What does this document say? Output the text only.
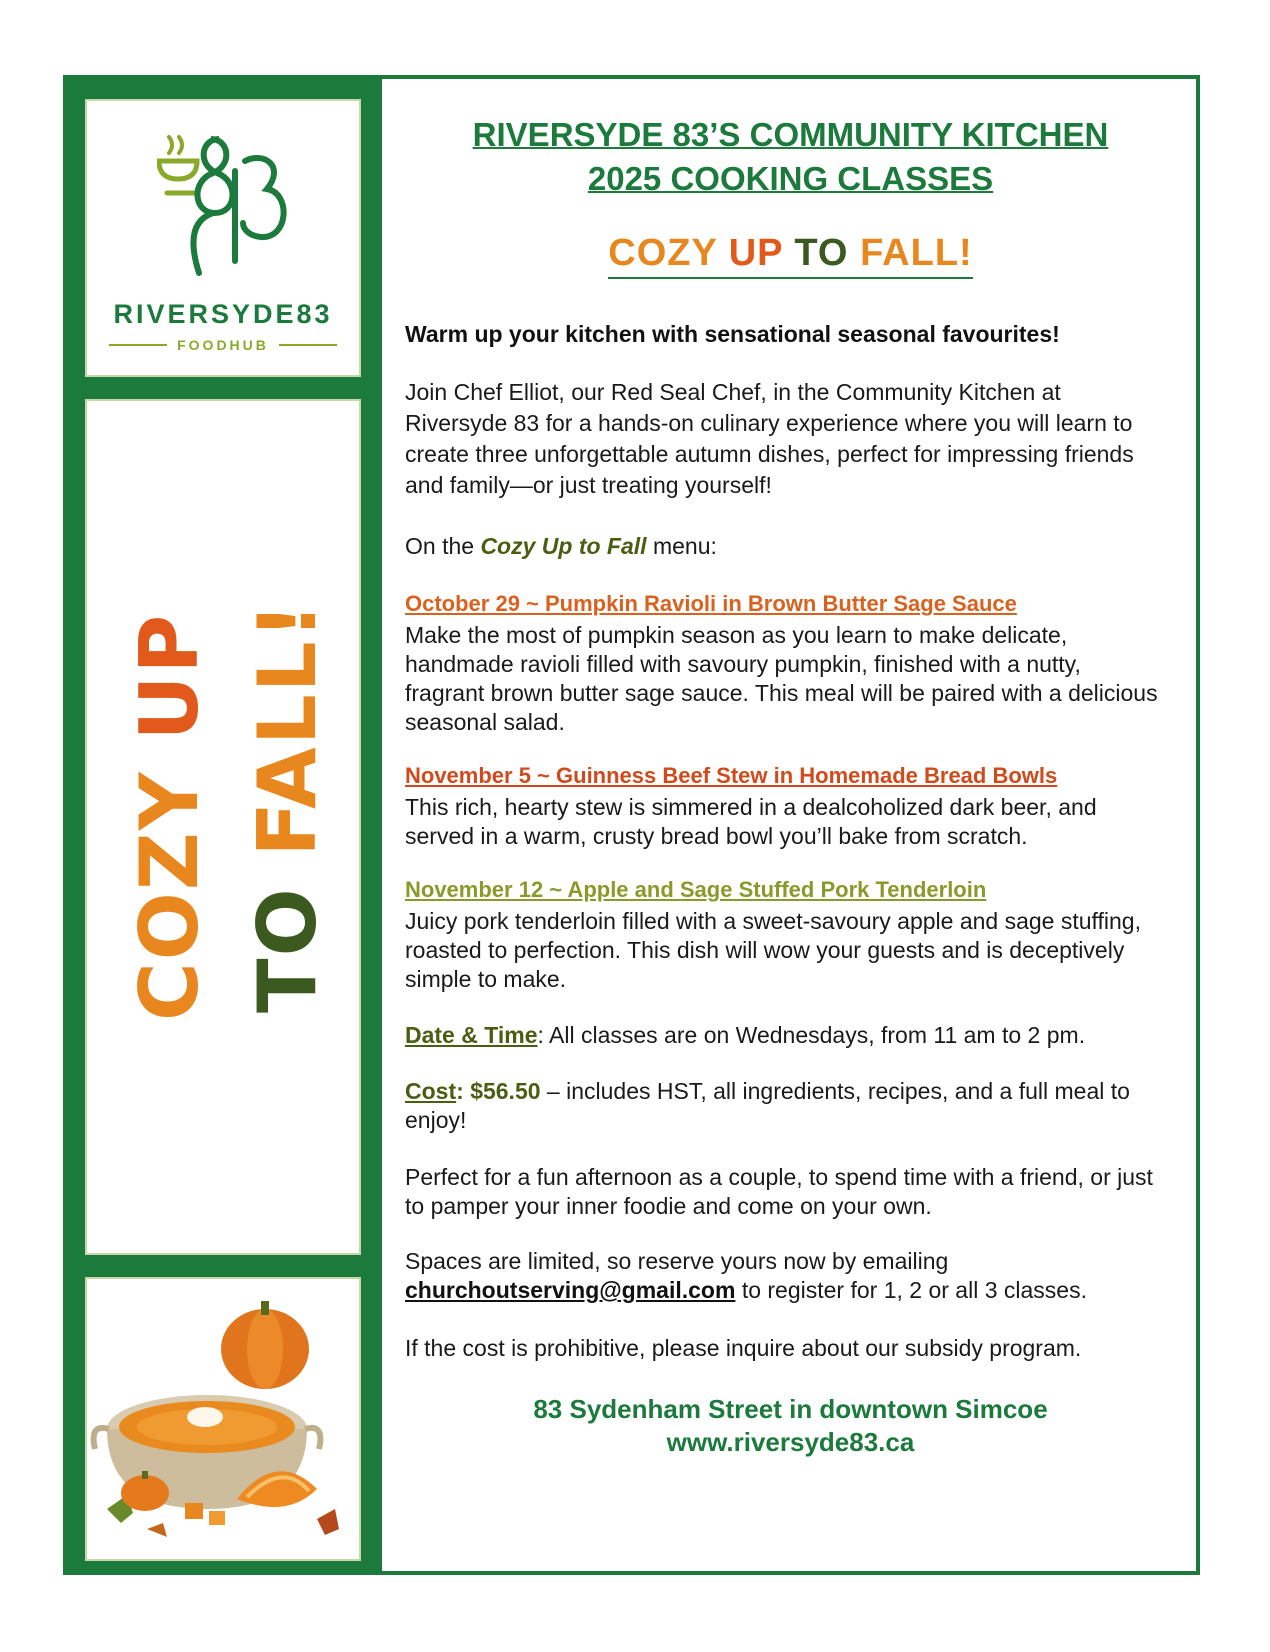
RIVERSYDE83
FOODHUB
COZY UP
TO FALL!
RIVERSYDE 83’S COMMUNITY KITCHEN
2025 COOKING CLASSES
COZY UP TO FALL!
Warm up your kitchen with sensational seasonal favourites!
Join Chef Elliot, our Red Seal Chef, in the Community Kitchen at Riversyde 83 for a hands-on culinary experience where you will learn to create three unforgettable autumn dishes, perfect for impressing friends and family—or just treating yourself!
On the Cozy Up to Fall menu:
October 29 ~ Pumpkin Ravioli in Brown Butter Sage Sauce
Make the most of pumpkin season as you learn to make delicate, handmade ravioli filled with savoury pumpkin, finished with a nutty, fragrant brown butter sage sauce. This meal will be paired with a delicious seasonal salad.
November 5 ~ Guinness Beef Stew in Homemade Bread Bowls
This rich, hearty stew is simmered in a dealcoholized dark beer, and served in a warm, crusty bread bowl you’ll bake from scratch.
November 12 ~ Apple and Sage Stuffed Pork Tenderloin
Juicy pork tenderloin filled with a sweet-savoury apple and sage stuffing, roasted to perfection. This dish will wow your guests and is deceptively simple to make.
Date & Time: All classes are on Wednesdays, from 11 am to 2 pm.
Cost: $56.50 – includes HST, all ingredients, recipes, and a full meal to enjoy!
Perfect for a fun afternoon as a couple, to spend time with a friend, or just to pamper your inner foodie and come on your own.
Spaces are limited, so reserve yours now by emailing
churchoutserving@gmail.com to register for 1, 2 or all 3 classes.
If the cost is prohibitive, please inquire about our subsidy program.
83 Sydenham Street in downtown Simcoe
www.riversyde83.ca
